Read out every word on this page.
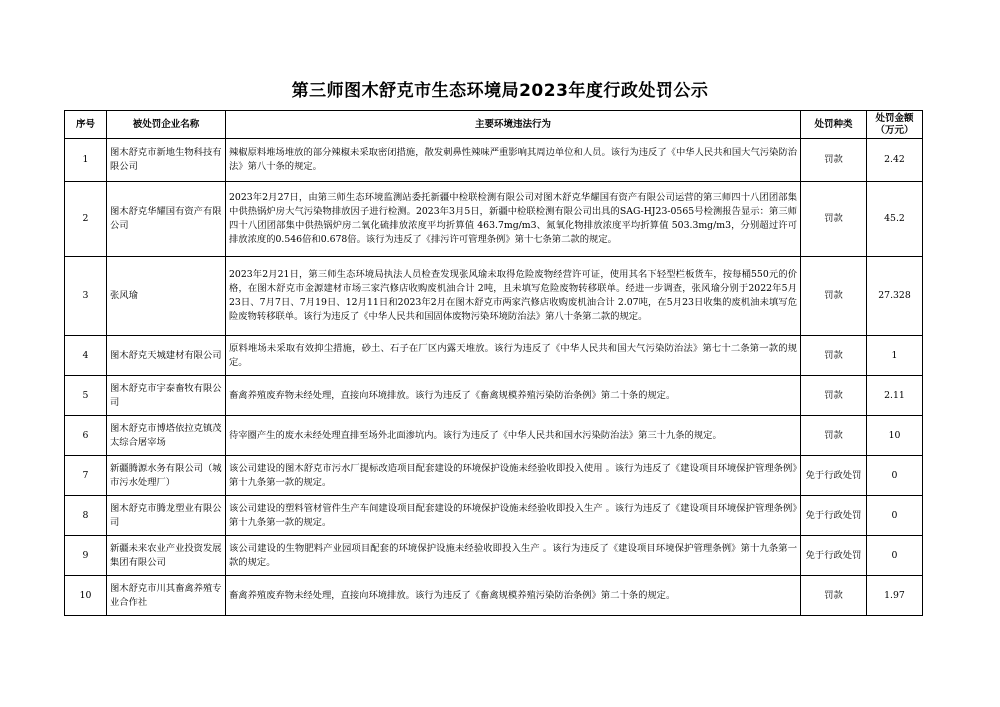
第三师图木舒克市生态环境局2023年度行政处罚公示
序号	被处罚企业名称	主要环境违法行为	处罚种类	处罚金额
（万元）
1	图木舒克市新地生物科技有限公司	辣椒原料堆场堆放的部分辣椒未采取密闭措施，散发刺鼻性辣味严重影响其周边单位和人员。该行为违反了《中华人民共和国大气污染防治法》第八十条的规定。	罚款	2.42
2	图木舒克华耀国有资产有限公司	2023年2月27日，由第三师生态环境监测站委托新疆中检联检测有限公司对图木舒克华耀国有资产有限公司运营的第三师四十八团团部集中供热锅炉房大气污染物排放因子进行检测。2023年3月5日，新疆中检联检测有限公司出具的SAG-HJ23-0565号检测报告显示：第三师四十八团团部集中供热锅炉房二氧化硫排放浓度平均折算值 463.7mg/m3、氮氧化物排放浓度平均折算值 503.3mg/m3，分别超过许可排放浓度的0.546倍和0.678倍。该行为违反了《排污许可管理条例》第十七条第二款的规定。	罚款	45.2
3	张风瑜	2023年2月21日，第三师生态环境局执法人员检查发现张风瑜未取得危险废物经营许可证，使用其名下轻型栏板货车，按每桶550元的价格，在图木舒克市金源建材市场三家汽修店收购废机油合计 2吨，且未填写危险废物转移联单。经进一步调查，张风瑜分别于2022年5月23日、7月7日、7月19日、12月11日和2023年2月在图木舒克市两家汽修店收购废机油合计 2.07吨，在5月23日收集的废机油未填写危险废物转移联单。该行为违反了《中华人民共和国固体废物污染环境防治法》第八十条第二款的规定。	罚款	27.328
4	图木舒克天城建材有限公司	原料堆场未采取有效抑尘措施，砂土、石子在厂区内露天堆放。该行为违反了《中华人民共和国大气污染防治法》第七十二条第一款的规定。	罚款	1
5	图木舒克市宇泰畜牧有限公司	畜禽养殖废弃物未经处理，直接向环境排放。该行为违反了《畜禽规模养殖污染防治条例》第二十条的规定。	罚款	2.11
6	图木舒克市博塔依拉克镇茂太综合屠宰场	待宰圈产生的废水未经处理直排至场外北面渗坑内。该行为违反了《中华人民共和国水污染防治法》第三十九条的规定。	罚款	10
7	新疆腾源水务有限公司（城市污水处理厂）	该公司建设的图木舒克市污水厂提标改造项目配套建设的环境保护设施未经验收即投入使用 。该行为违反了《建设项目环境保护管理条例》第十九条第一款的规定。	免于行政处罚	0
8	图木舒克市腾龙塑业有限公司	该公司建设的塑料管材管件生产车间建设项目配套建设的环境保护设施未经验收即投入生产 。该行为违反了《建设项目环境保护管理条例》第十九条第一款的规定。	免于行政处罚	0
9	新疆未来农业产业投资发展集团有限公司	该公司建设的生物肥料产业园项目配套的环境保护设施未经验收即投入生产 。该行为违反了《建设项目环境保护管理条例》第十九条第一款的规定。	免于行政处罚	0
10	图木舒克市川其畜禽养殖专业合作社	畜禽养殖废弃物未经处理，直接向环境排放。该行为违反了《畜禽规模养殖污染防治条例》第二十条的规定。	罚款	1.97
